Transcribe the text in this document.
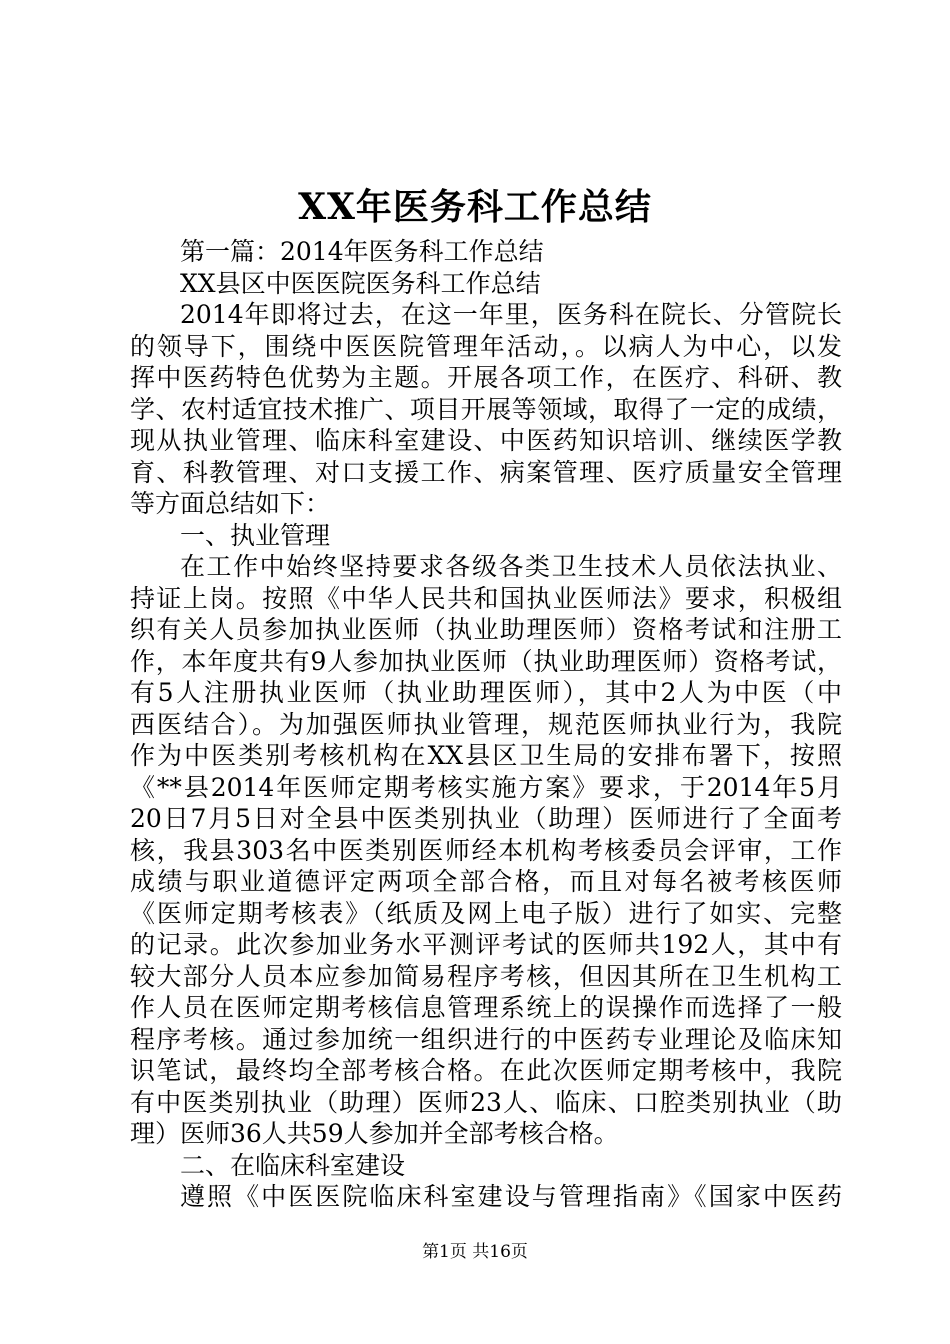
XX年医务科工作总结
第一篇：2014年医务科工作总结
XX县区中医医院医务科工作总结
2014年即将过去，在这一年里，医务科在院长、分管院长
的领导下，围绕中医医院管理年活动，。以病人为中心，以发
挥中医药特色优势为主题。开展各项工作，在医疗、科研、教
学、农村适宜技术推广、项目开展等领域，取得了一定的成绩，
现从执业管理、临床科室建设、中医药知识培训、继续医学教
育、科教管理、对口支援工作、病案管理、医疗质量安全管理
等方面总结如下：
一、执业管理
在工作中始终坚持要求各级各类卫生技术人员依法执业、
持证上岗。按照《中华人民共和国执业医师法》要求，积极组
织有关人员参加执业医师（执业助理医师）资格考试和注册工
作，本年度共有9人参加执业医师（执业助理医师）资格考试，
有5人注册执业医师（执业助理医师），其中2人为中医（中
西医结合）。为加强医师执业管理，规范医师执业行为，我院
作为中医类别考核机构在XX县区卫生局的安排布署下，按照
《**县2014年医师定期考核实施方案》要求，于2014年5月
20日7月5日对全县中医类别执业（助理）医师进行了全面考
核，我县303名中医类别医师经本机构考核委员会评审，工作
成绩与职业道德评定两项全部合格，而且对每名被考核医师
《医师定期考核表》（纸质及网上电子版）进行了如实、完整
的记录。此次参加业务水平测评考试的医师共192人，其中有
较大部分人员本应参加简易程序考核，但因其所在卫生机构工
作人员在医师定期考核信息管理系统上的误操作而选择了一般
程序考核。通过参加统一组织进行的中医药专业理论及临床知
识笔试，最终均全部考核合格。在此次医师定期考核中，我院
有中医类别执业（助理）医师23人、临床、口腔类别执业（助
理）医师36人共59人参加并全部考核合格。
二、在临床科室建设
遵照《中医医院临床科室建设与管理指南》《国家中医药
第1页 共16页
